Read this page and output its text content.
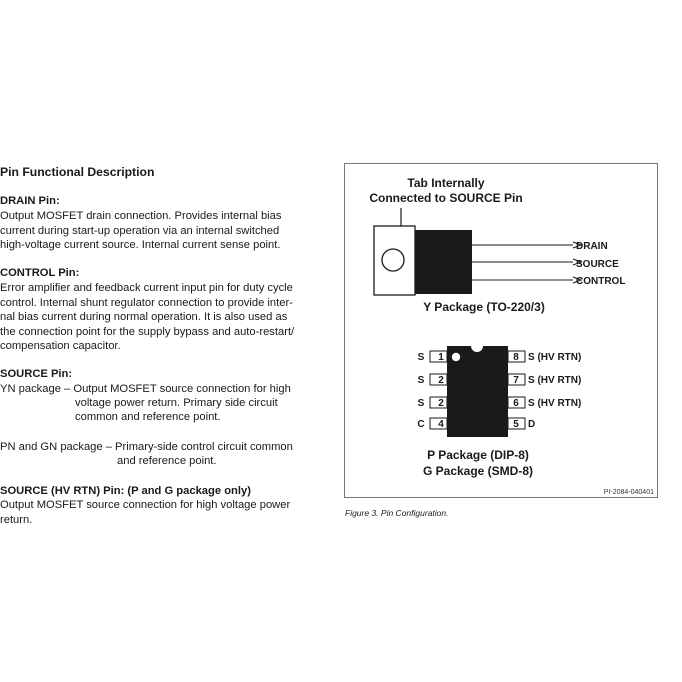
Pin Functional Description
DRAIN Pin:
Output MOSFET drain connection. Provides internal bias
current during start-up operation via an internal switched
high-voltage current source. Internal current sense point.
CONTROL Pin:
Error amplifier and feedback current input pin for duty cycle
control. Internal shunt regulator connection to provide inter-
nal bias current during normal operation. It is also used as
the connection point for the supply bypass and auto-restart/
compensation capacitor.
SOURCE Pin:
YN package – Output MOSFET source connection for high
voltage power return. Primary side circuit
common and reference point.
PN and GN package – Primary-side control circuit common
and reference point.
SOURCE (HV RTN) Pin: (P and G package only)
Output MOSFET source connection for high voltage power
return.
Tab Internally
Connected to SOURCE Pin
DRAIN
SOURCE
CONTROL
Y Package (TO-220/3)
1
2
2
4
S
S
S
C
8
7
6
5
S (HV RTN)
S (HV RTN)
S (HV RTN)
D
P Package (DIP-8)
G Package (SMD-8)
PI-2084-040401
Figure 3. Pin Configuration.
